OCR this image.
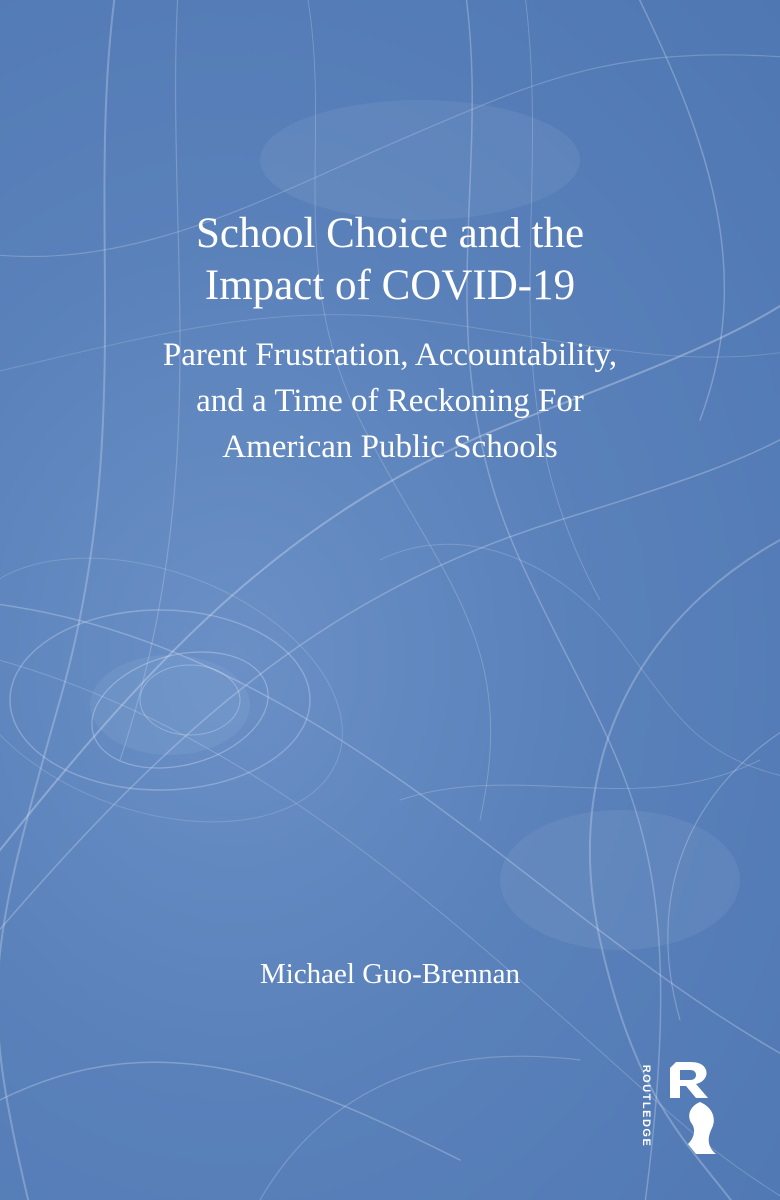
School Choice and the
Impact of COVID-19
Parent Frustration, Accountability,
and a Time of Reckoning For
American Public Schools
Michael Guo-Brennan
ROUTLEDGE
